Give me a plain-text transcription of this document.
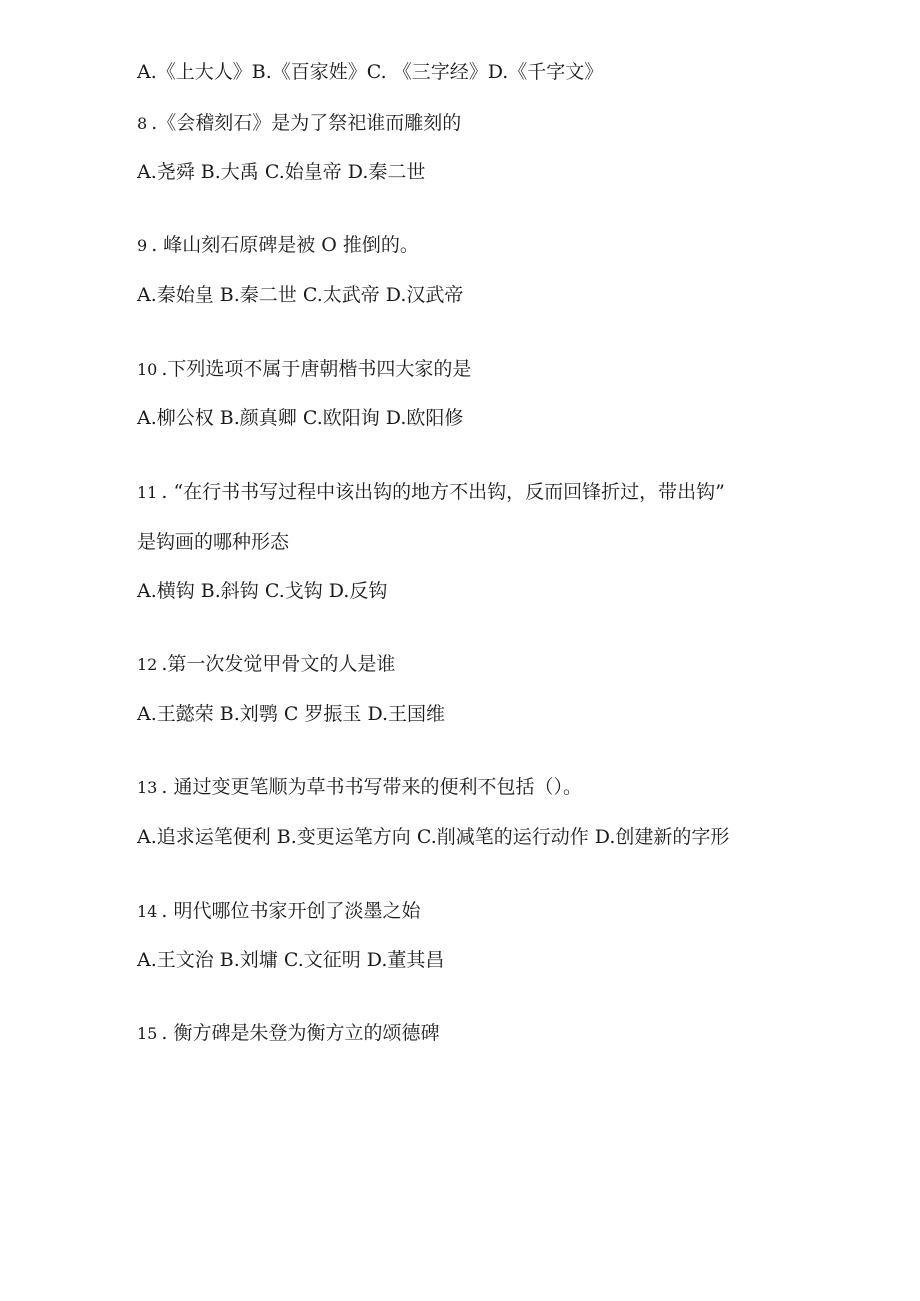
A.《上大人》B.《百家姓》C. 《三字经》D.《千字文》
8 .《会稽刻石》是为了祭祀谁而雕刻的
A.尧舜 B.大禹 C.始皇帝 D.秦二世
9 . 峰山刻石原碑是被 O 推倒的。
A.秦始皇 B.秦二世 C.太武帝 D.汉武帝
10 .下列选项不属于唐朝楷书四大家的是
A.柳公权 B.颜真卿 C.欧阳询 D.欧阳修
11 . “在行书书写过程中该出钩的地方不出钩，反而回锋折过，带出钩”
是钩画的哪种形态
A.横钩 B.斜钩 C.戈钩 D.反钩
12 .第一次发觉甲骨文的人是谁
A.王懿荣 B.刘鹗 C 罗振玉 D.王国维
13 . 通过变更笔顺为草书书写带来的便利不包括（）。
A.追求运笔便利 B.变更运笔方向 C.削减笔的运行动作 D.创建新的字形
14 . 明代哪位书家开创了淡墨之始
A.王文治 B.刘墉 C.文征明 D.董其昌
15 . 衡方碑是朱登为衡方立的颂德碑
